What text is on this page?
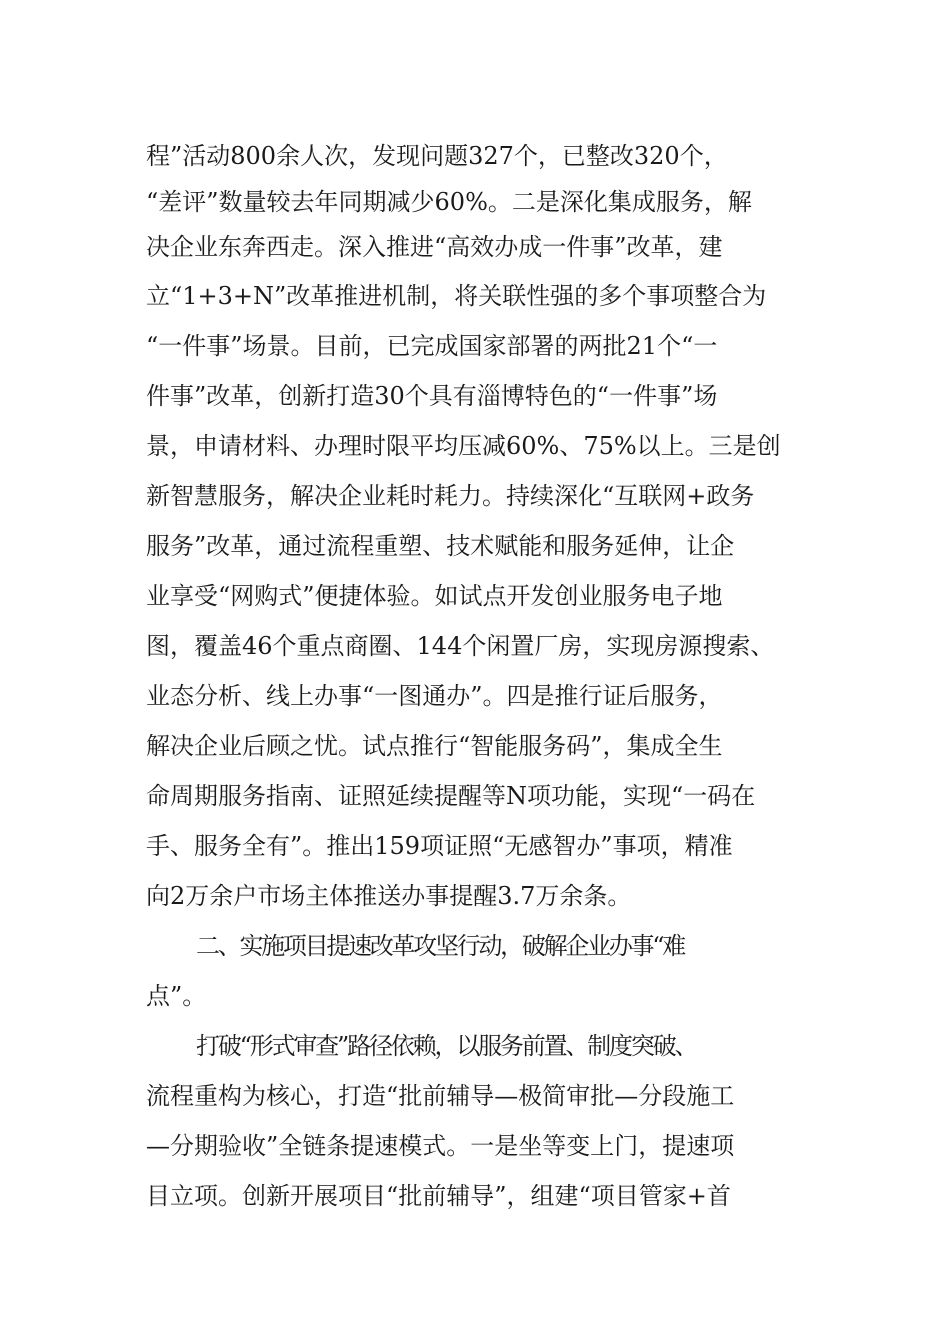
程”活动800余人次，发现问题327个，已整改320个，
“差评”数量较去年同期减少60%。二是深化集成服务，解
决企业东奔西走。深入推进“高效办成一件事”改革，建
立“1+3+N”改革推进机制，将关联性强的多个事项整合为
“一件事”场景。目前，已完成国家部署的两批21个“一
件事”改革，创新打造30个具有淄博特色的“一件事”场
景，申请材料、办理时限平均压减60%、75%以上。三是创
新智慧服务，解决企业耗时耗力。持续深化“互联网+政务
服务”改革，通过流程重塑、技术赋能和服务延伸，让企
业享受“网购式”便捷体验。如试点开发创业服务电子地
图，覆盖46个重点商圈、144个闲置厂房，实现房源搜索、
业态分析、线上办事“一图通办”。四是推行证后服务，
解决企业后顾之忧。试点推行“智能服务码”，集成全生
命周期服务指南、证照延续提醒等N项功能，实现“一码在
手、服务全有”。推出159项证照“无感智办”事项，精准
向2万余户市场主体推送办事提醒3.7万余条。
二、实施项目提速改革攻坚行动，破解企业办事“难
点”。
打破“形式审查”路径依赖，以服务前置、制度突破、
流程重构为核心，打造“批前辅导—极简审批—分段施工
—分期验收”全链条提速模式。一是坐等变上门，提速项
目立项。创新开展项目“批前辅导”，组建“项目管家+首
